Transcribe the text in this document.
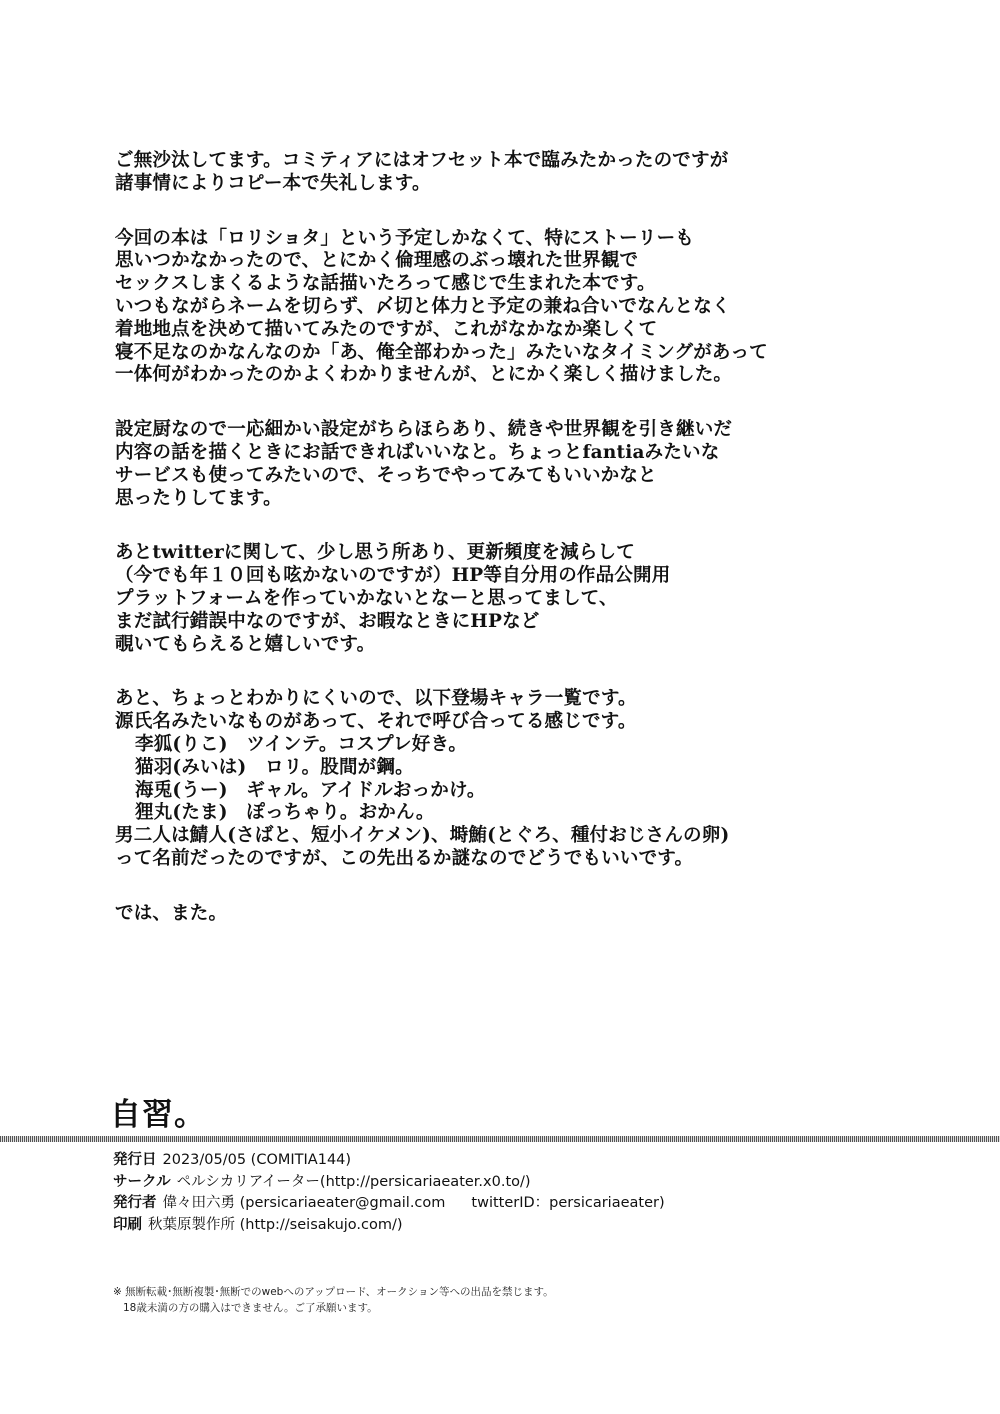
ご無沙汰してます。コミティアにはオフセット本で臨みたかったのですが
諸事情によりコピー本で失礼します。
今回の本は「ロリショタ」という予定しかなくて、特にストーリーも
思いつかなかったので、とにかく倫理感のぶっ壊れた世界観で
セックスしまくるような話描いたろって感じで生まれた本です。
いつもながらネームを切らず、〆切と体力と予定の兼ね合いでなんとなく
着地地点を決めて描いてみたのですが、これがなかなか楽しくて
寝不足なのかなんなのか「あ、俺全部わかった」みたいなタイミングがあって
一体何がわかったのかよくわかりませんが、とにかく楽しく描けました。
設定厨なので一応細かい設定がちらほらあり、続きや世界観を引き継いだ
内容の話を描くときにお話できればいいなと。ちょっとfantiaみたいな
サービスも使ってみたいので、そっちでやってみてもいいかなと
思ったりしてます。
あとtwitterに関して、少し思う所あり、更新頻度を減らして
（今でも年１０回も呟かないのですが）HP等自分用の作品公開用
プラットフォームを作っていかないとなーと思ってまして、
まだ試行錯誤中なのですが、お暇なときにHPなど
覗いてもらえると嬉しいです。
あと、ちょっとわかりにくいので、以下登場キャラ一覧です。
源氏名みたいなものがあって、それで呼び合ってる感じです。
李狐(りこ)　ツインテ。コスプレ好き。
猫羽(みいは)　ロリ。股間が鋼。
海兎(うー)　ギャル。アイドルおっかけ。
狸丸(たま)　ぽっちゃり。おかん。
男二人は鯖人(さばと、短小イケメン)、塒鮪(とぐろ、種付おじさんの卵)
って名前だったのですが、この先出るか謎なのでどうでもいいです。
では、また。
自習。
発行日 2023/05/05 (COMITIA144)
サークル ペルシカリアイーター(http://persicariaeater.x0.to/)
発行者 偉々田六勇 (persicariaeater@gmail.com twitterID：persicariaeater)
印刷 秋葉原製作所 (http://seisakujo.com/)
※ 無断転載･無断複製･無断でのwebへのアップロード、オークション等への出品を禁じます。
18歳未満の方の購入はできません。ご了承願います。
